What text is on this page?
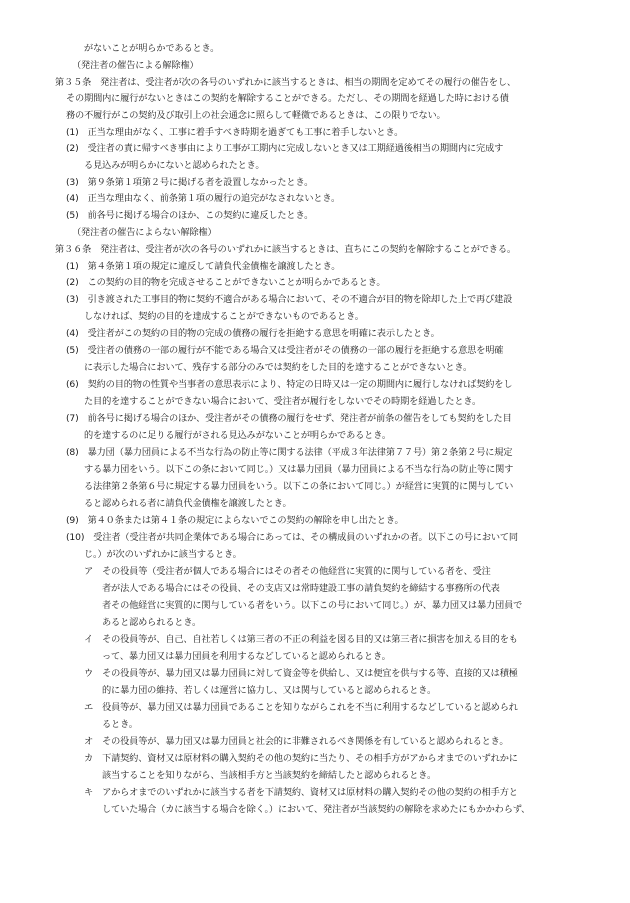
がないことが明らかであるとき。
（発注者の催告による解除権）
第３５条　発注者は、受注者が次の各号のいずれかに該当するときは、相当の期間を定めてその履行の催告をし、
その期間内に履行がないときはこの契約を解除することができる。ただし、その期間を経過した時における債
務の不履行がこの契約及び取引上の社会通念に照らして軽微であるときは、この限りでない。
(1)　正当な理由がなく、工事に着手すべき時期を過ぎても工事に着手しないとき。
(2)　受注者の責に帰すべき事由により工事が工期内に完成しないとき又は工期経過後相当の期間内に完成す
る見込みが明らかにないと認められたとき。
(3)　第９条第１項第２号に掲げる者を設置しなかったとき。
(4)　正当な理由なく、前条第１項の履行の追完がなされないとき。
(5)　前各号に掲げる場合のほか、この契約に違反したとき。
（発注者の催告によらない解除権）
第３６条　発注者は、受注者が次の各号のいずれかに該当するときは、直ちにこの契約を解除することができる。
(1)　第４条第１項の規定に違反して請負代金債権を譲渡したとき。
(2)　この契約の目的物を完成させることができないことが明らかであるとき。
(3)　引き渡された工事目的物に契約不適合がある場合において、その不適合が目的物を除却した上で再び建設
しなければ、契約の目的を達成することができないものであるとき。
(4)　受注者がこの契約の目的物の完成の債務の履行を拒絶する意思を明確に表示したとき。
(5)　受注者の債務の一部の履行が不能である場合又は受注者がその債務の一部の履行を拒絶する意思を明確
に表示した場合において、残存する部分のみでは契約をした目的を達することができないとき。
(6)　契約の目的物の性質や当事者の意思表示により、特定の日時又は一定の期間内に履行しなければ契約をし
た目的を達することができない場合において、受注者が履行をしないでその時期を経過したとき。
(7)　前各号に掲げる場合のほか、受注者がその債務の履行をせず、発注者が前条の催告をしても契約をした目
的を達するのに足りる履行がされる見込みがないことが明らかであるとき。
(8)　暴力団（暴力団員による不当な行為の防止等に関する法律（平成３年法律第７７号）第２条第２号に規定
する暴力団をいう。以下この条において同じ。）又は暴力団員（暴力団員による不当な行為の防止等に関す
る法律第２条第６号に規定する暴力団員をいう。以下この条において同じ。）が経営に実質的に関与してい
ると認められる者に請負代金債権を譲渡したとき。
(9)　第４０条または第４１条の規定によらないでこの契約の解除を申し出たとき。
(10)　受注者（受注者が共同企業体である場合にあっては、その構成員のいずれかの者。以下この号において同
じ。）が次のいずれかに該当するとき。
ア　その役員等（受注者が個人である場合にはその者その他経営に実質的に関与している者を、受注
者が法人である場合にはその役員、その支店又は常時建設工事の請負契約を締結する事務所の代表
者その他経営に実質的に関与している者をいう。以下この号において同じ。）が、暴力団又は暴力団員で
あると認められるとき。
イ　その役員等が、自己、自社若しくは第三者の不正の利益を図る目的又は第三者に損害を加える目的をも
って、暴力団又は暴力団員を利用するなどしていると認められるとき。
ウ　その役員等が、暴力団又は暴力団員に対して資金等を供給し、又は便宜を供与する等、直接的又は積極
的に暴力団の維持、若しくは運営に協力し、又は関与していると認められるとき。
エ　役員等が、暴力団又は暴力団員であることを知りながらこれを不当に利用するなどしていると認められ
るとき。
オ　その役員等が、暴力団又は暴力団員と社会的に非難されるべき関係を有していると認められるとき。
カ　下請契約、資材又は原材料の購入契約その他の契約に当たり、その相手方がアからオまでのいずれかに
該当することを知りながら、当該相手方と当該契約を締結したと認められるとき。
キ　アからオまでのいずれかに該当する者を下請契約、資材又は原材料の購入契約その他の契約の相手方と
していた場合（カに該当する場合を除く。）において、発注者が当該契約の解除を求めたにもかかわらず、
